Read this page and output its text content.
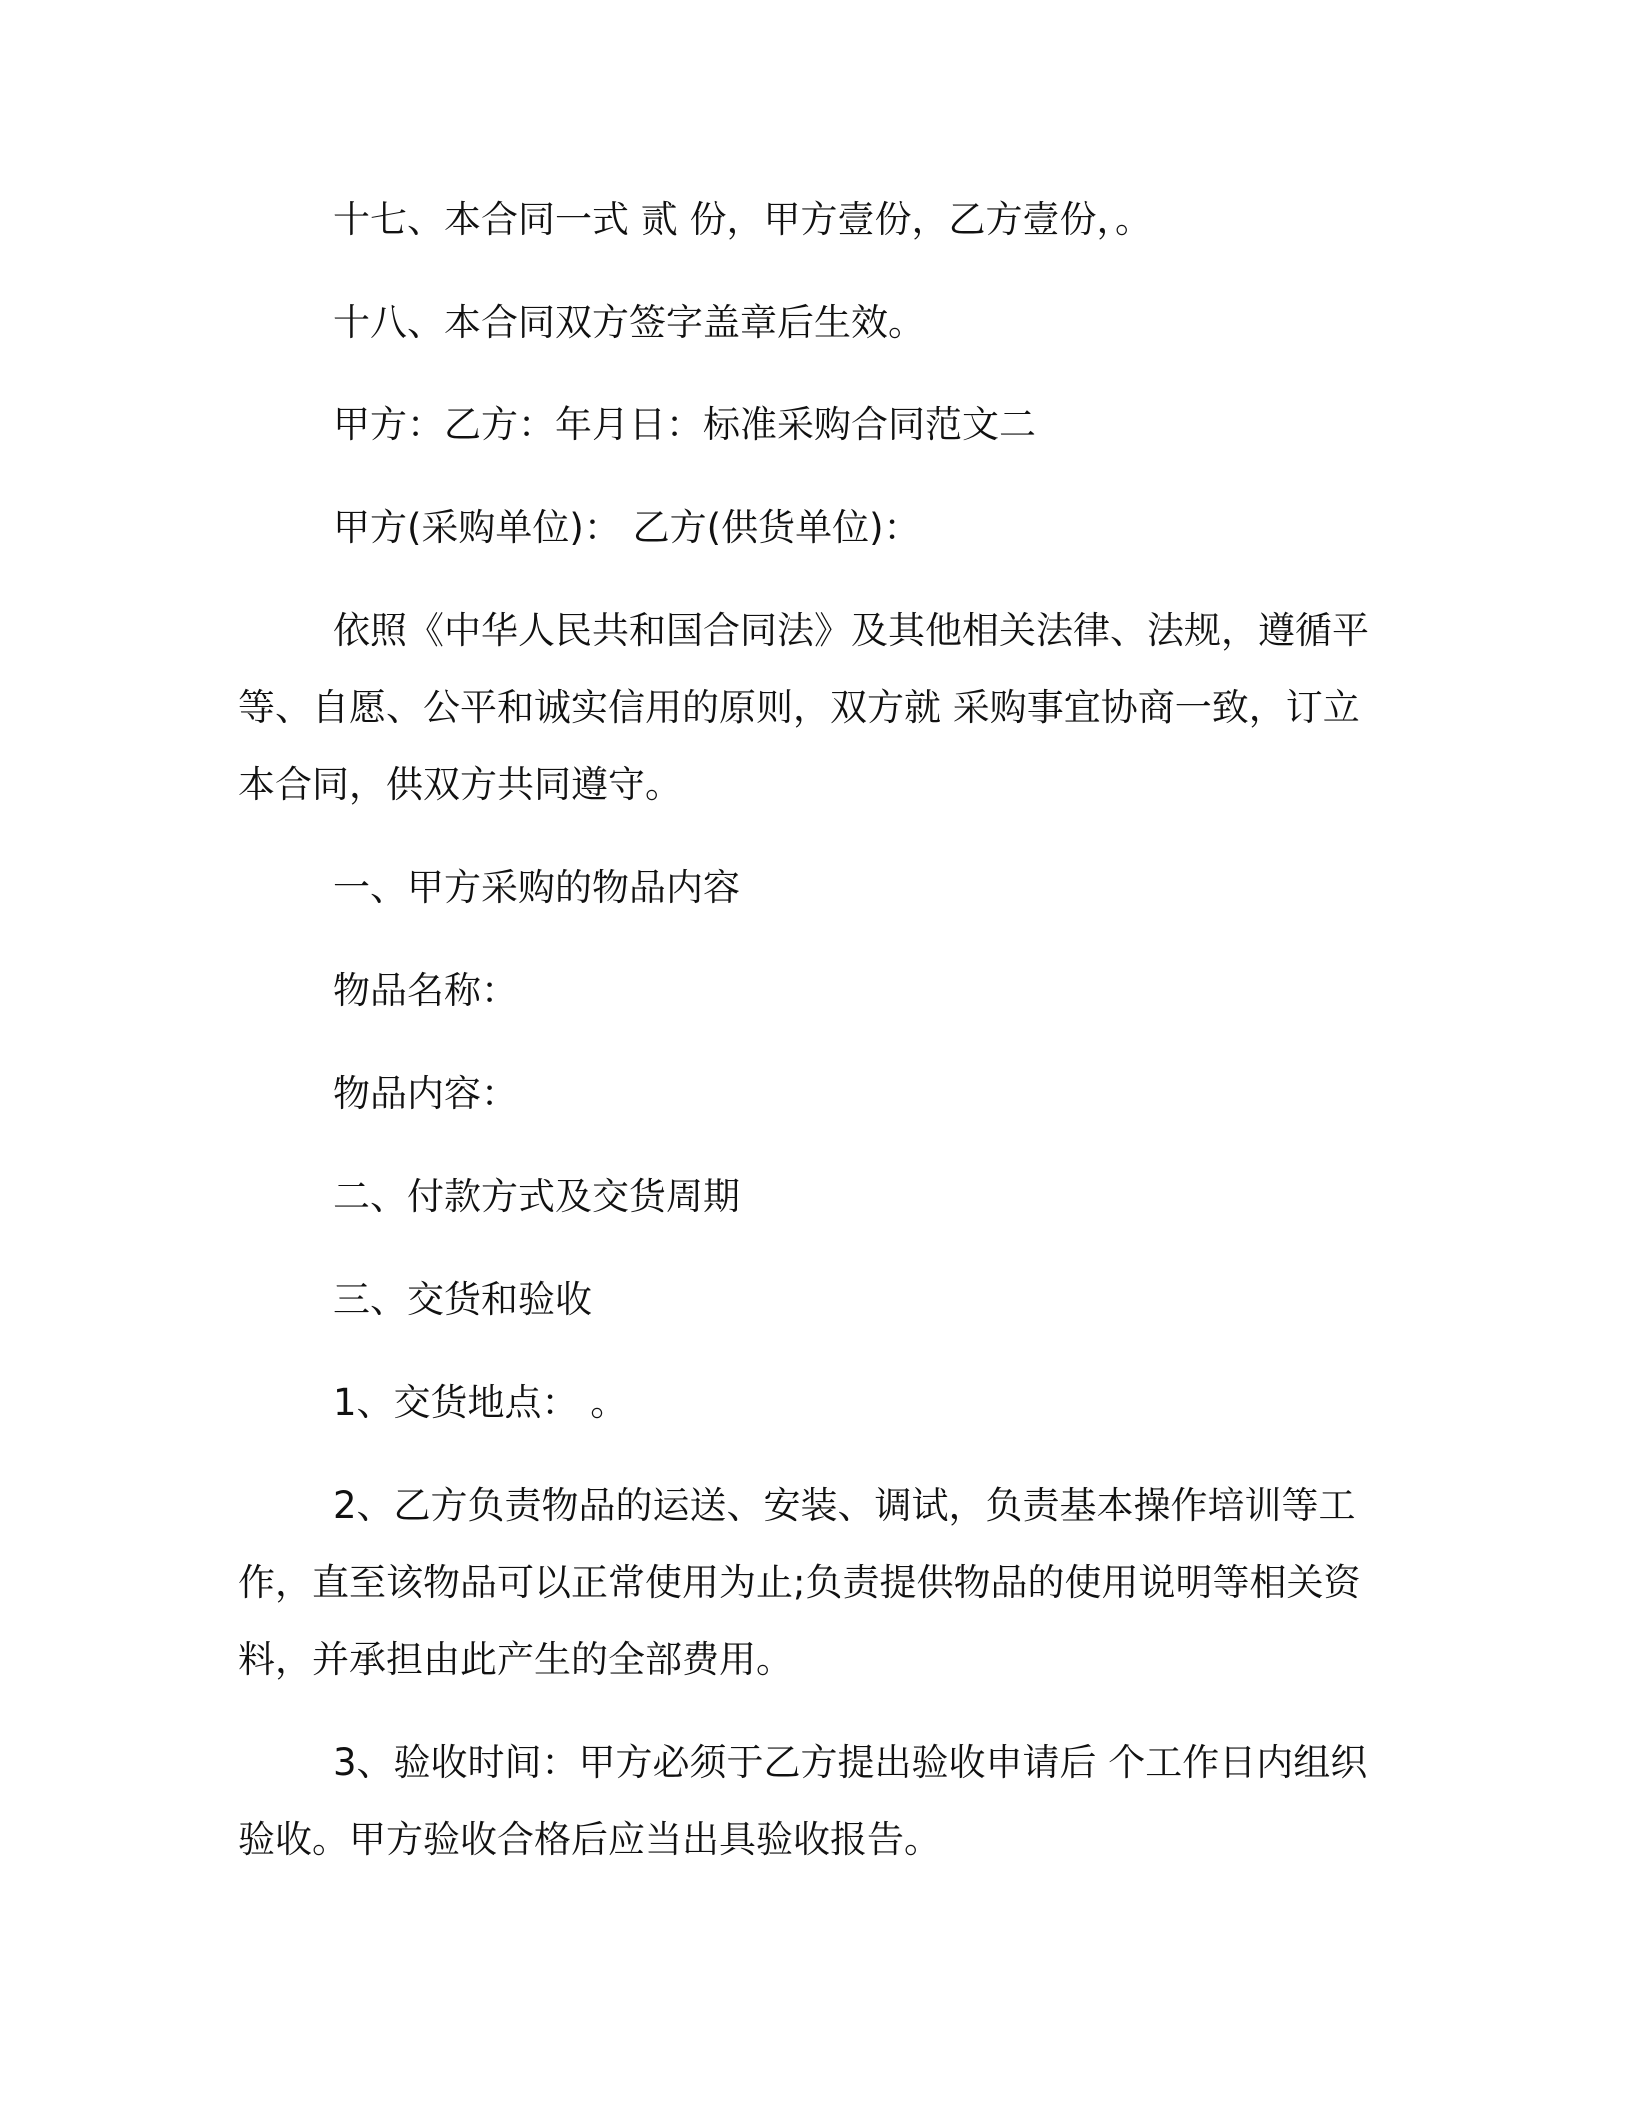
十七、本合同一式 贰 份，甲方壹份，乙方壹份，。

十八、本合同双方签字盖章后生效。

甲方：乙方：年月日：标准采购合同范文二

甲方(采购单位)： 乙方(供货单位)：

依照《中华人民共和国合同法》及其他相关法律、法规，遵循平

等、自愿、公平和诚实信用的原则，双方就 采购事宜协商一致，订立

本合同，供双方共同遵守。

一、甲方采购的物品内容

物品名称：

物品内容：

二、付款方式及交货周期

三、交货和验收

1、交货地点： 。

2、乙方负责物品的运送、安装、调试，负责基本操作培训等工

作，直至该物品可以正常使用为止;负责提供物品的使用说明等相关资

料，并承担由此产生的全部费用。

3、验收时间：甲方必须于乙方提出验收申请后 个工作日内组织

验收。甲方验收合格后应当出具验收报告。
